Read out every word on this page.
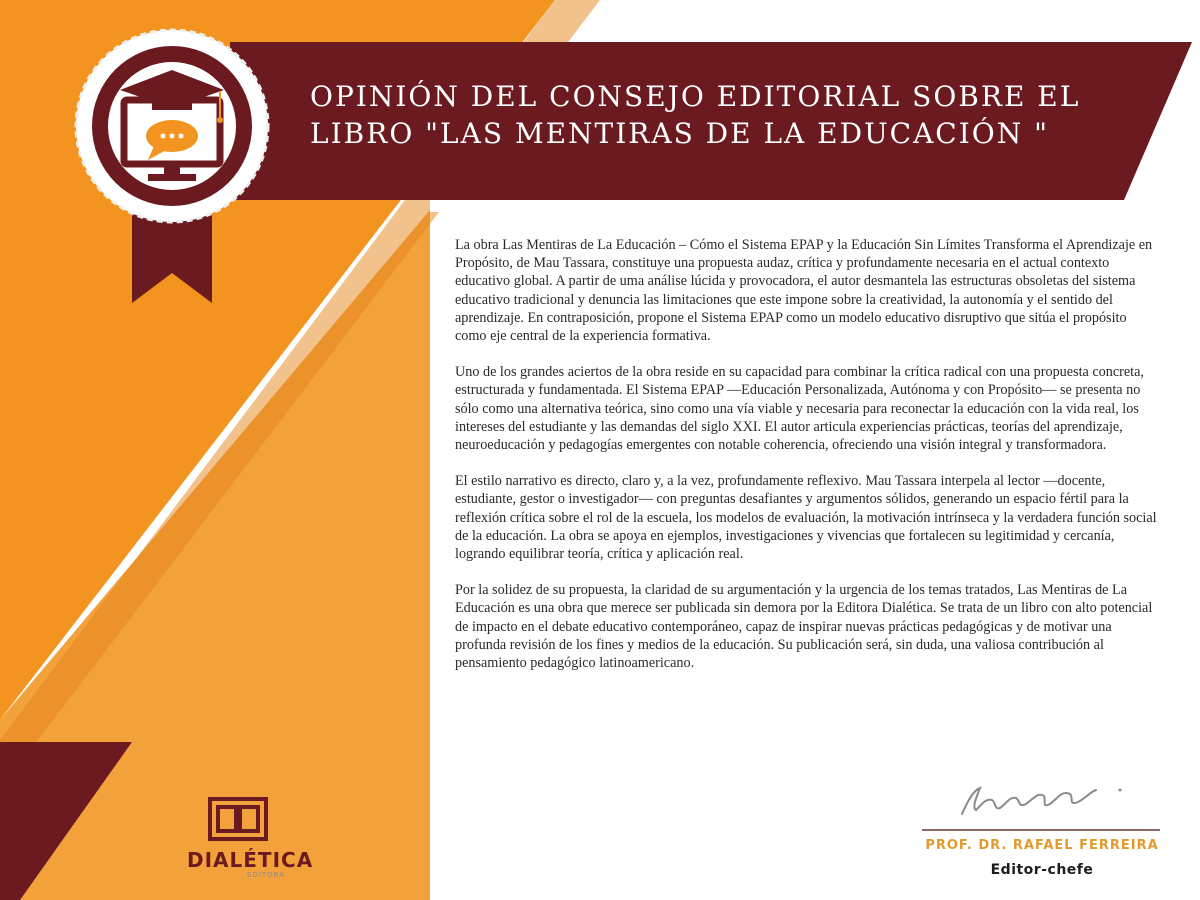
OPINIÓN DEL CONSEJO EDITORIAL SOBRE EL
LIBRO "LAS MENTIRAS DE LA EDUCACIÓN "

La obra Las Mentiras de La Educación – Cómo el Sistema EPAP y la Educación Sin Límites Transforma el Aprendizaje en Propósito, de Mau Tassara, constituye una propuesta audaz, crítica y profundamente necesaria en el actual contexto educativo global. A partir de uma análise lúcida y provocadora, el autor desmantela las estructuras obsoletas del sistema educativo tradicional y denuncia las limitaciones que este impone sobre la creatividad, la autonomía y el sentido del aprendizaje. En contraposición, propone el Sistema EPAP como un modelo educativo disruptivo que sitúa el propósito como eje central de la experiencia formativa.

Uno de los grandes aciertos de la obra reside en su capacidad para combinar la crítica radical con una propuesta concreta, estructurada y fundamentada. El Sistema EPAP —Educación Personalizada, Autónoma y con Propósito— se presenta no sólo como una alternativa teórica, sino como una vía viable y necesaria para reconectar la educación con la vida real, los intereses del estudiante y las demandas del siglo XXI. El autor articula experiencias prácticas, teorías del aprendizaje, neuroeducación y pedagogías emergentes con notable coherencia, ofreciendo una visión integral y transformadora.

El estilo narrativo es directo, claro y, a la vez, profundamente reflexivo. Mau Tassara interpela al lector —docente, estudiante, gestor o investigador— con preguntas desafiantes y argumentos sólidos, generando un espacio fértil para la reflexión crítica sobre el rol de la escuela, los modelos de evaluación, la motivación intrínseca y la verdadera función social de la educación. La obra se apoya en ejemplos, investigaciones y vivencias que fortalecen su legitimidad y cercanía, logrando equilibrar teoría, crítica y aplicación real.

Por la solidez de su propuesta, la claridad de su argumentación y la urgencia de los temas tratados, Las Mentiras de La Educación es una obra que merece ser publicada sin demora por la Editora Dialética. Se trata de un libro con alto potencial de impacto en el debate educativo contemporáneo, capaz de inspirar nuevas prácticas pedagógicas y de motivar una profunda revisión de los fines y medios de la educación. Su publicación será, sin duda, una valiosa contribución al pensamiento pedagógico latinoamericano.

DIALÉTICA
EDITORA
PROF. DR. RAFAEL FERREIRA
Editor-chefe
